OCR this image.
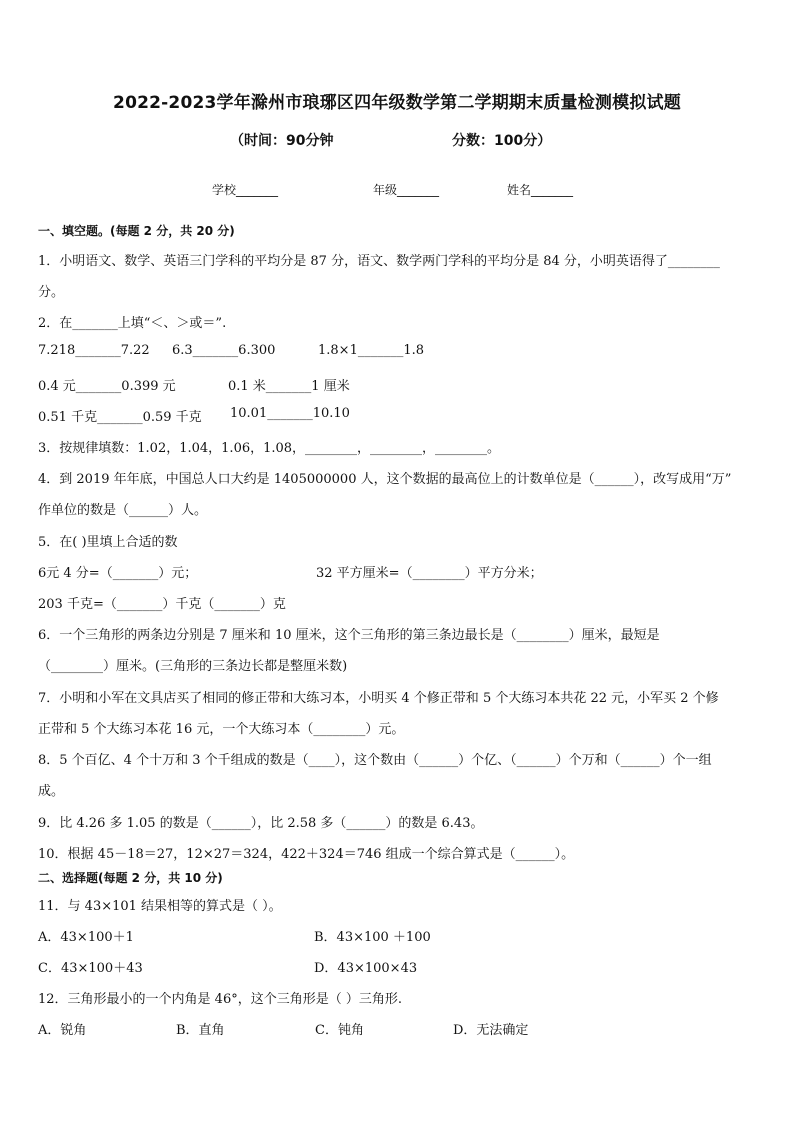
2022-2023学年滁州市琅琊区四年级数学第二学期期末质量检测模拟试题
（时间：90分钟	分数：100分）
学校_______	年级_______	姓名_______
一、填空题。(每题 2 分，共 20 分)
1．小明语文、数学、英语三门学科的平均分是 87 分，语文、数学两门学科的平均分是 84 分，小明英语得了________
分。
2．在_______上填“＜、＞或＝”.
7.218_______7.22 6.3_______6.300	1.8×1_______1.8
0.4 元_______0.399 元	0.1 米_______1 厘米
0.51 千克_______0.59 千克 10.01_______10.10
3．按规律填数：1.02，1.04，1.06，1.08，________，________，________。
4．到 2019 年年底，中国总人口大约是 1405000000 人，这个数据的最高位上的计数单位是（______），改写成用“万”
作单位的数是（______）人。
5．在( )里填上合适的数
6元 4 分=（_______）元；	32 平方厘米=（________）平方分米；
203 千克=（_______）千克（_______）克
6．一个三角形的两条边分别是 7 厘米和 10 厘米，这个三角形的第三条边最长是（________）厘米，最短是
（________）厘米。(三角形的三条边长都是整厘米数)
7．小明和小军在文具店买了相同的修正带和大练习本，小明买 4 个修正带和 5 个大练习本共花 22 元，小军买 2 个修
正带和 5 个大练习本花 16 元，一个大练习本（________）元。
8．5 个百亿、4 个十万和 3 个千组成的数是（____），这个数由（______）个亿、（______）个万和（______）个一组
成。
9．比 4.26 多 1.05 的数是（______），比 2.58 多（______）的数是 6.43。
10．根据 45－18＝27，12×27＝324，422＋324＝746 组成一个综合算式是（______）。
二、选择题(每题 2 分，共 10 分)
11．与 43×101 结果相等的算式是（ ）。
A．43×100＋1	B．43×100 ＋100
C．43×100＋43	D．43×100×43
12．三角形最小的一个内角是 46°，这个三角形是（ ）三角形.
A．锐角	B．直角	C．钝角	D．无法确定
